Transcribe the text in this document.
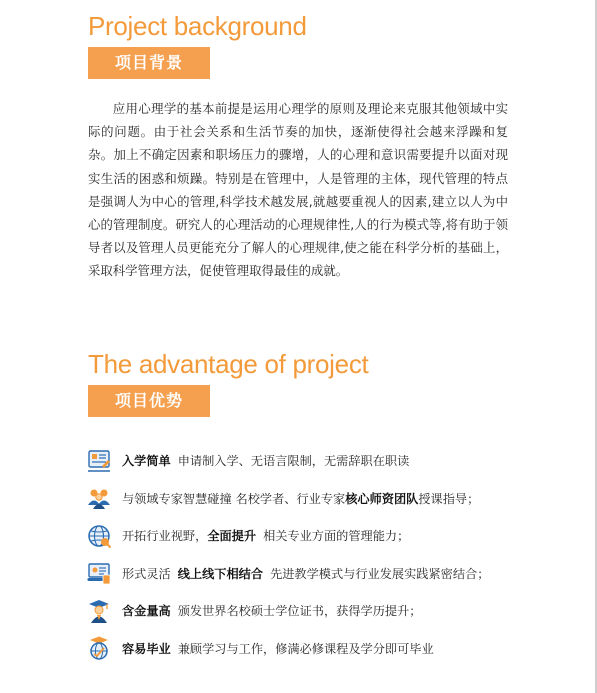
Project background
项目背景

应用心理学的基本前提是运用心理学的原则及理论来克服其他领域中实际的问题。由于社会关系和生活节奏的加快，逐渐使得社会越来浮躁和复杂。加上不确定因素和职场压力的骤增，人的心理和意识需要提升以面对现实生活的困惑和烦躁。特别是在管理中，人是管理的主体，现代管理的特点是强调人为中心的管理,科学技术越发展,就越要重视人的因素,建立以人为中心的管理制度。研究人的心理活动的心理规律性,人的行为模式等,将有助于领导者以及管理人员更能充分了解人的心理规律,使之能在科学分析的基础上，采取科学管理方法，促使管理取得最佳的成就。

The advantage of project
项目优势
入学简单 申请制入学、无语言限制，无需辞职在职读
与领域专家智慧碰撞 名校学者、行业专家 核心师资团队 授课指导；
开拓行业视野， 全面提升 相关专业方面的管理能力；
形式灵活 线上线下相结合 先进教学模式与行业发展实践紧密结合；
含金量高 颁发世界名校硕士学位证书，获得学历提升；
容易毕业 兼顾学习与工作，修满必修课程及学分即可毕业
